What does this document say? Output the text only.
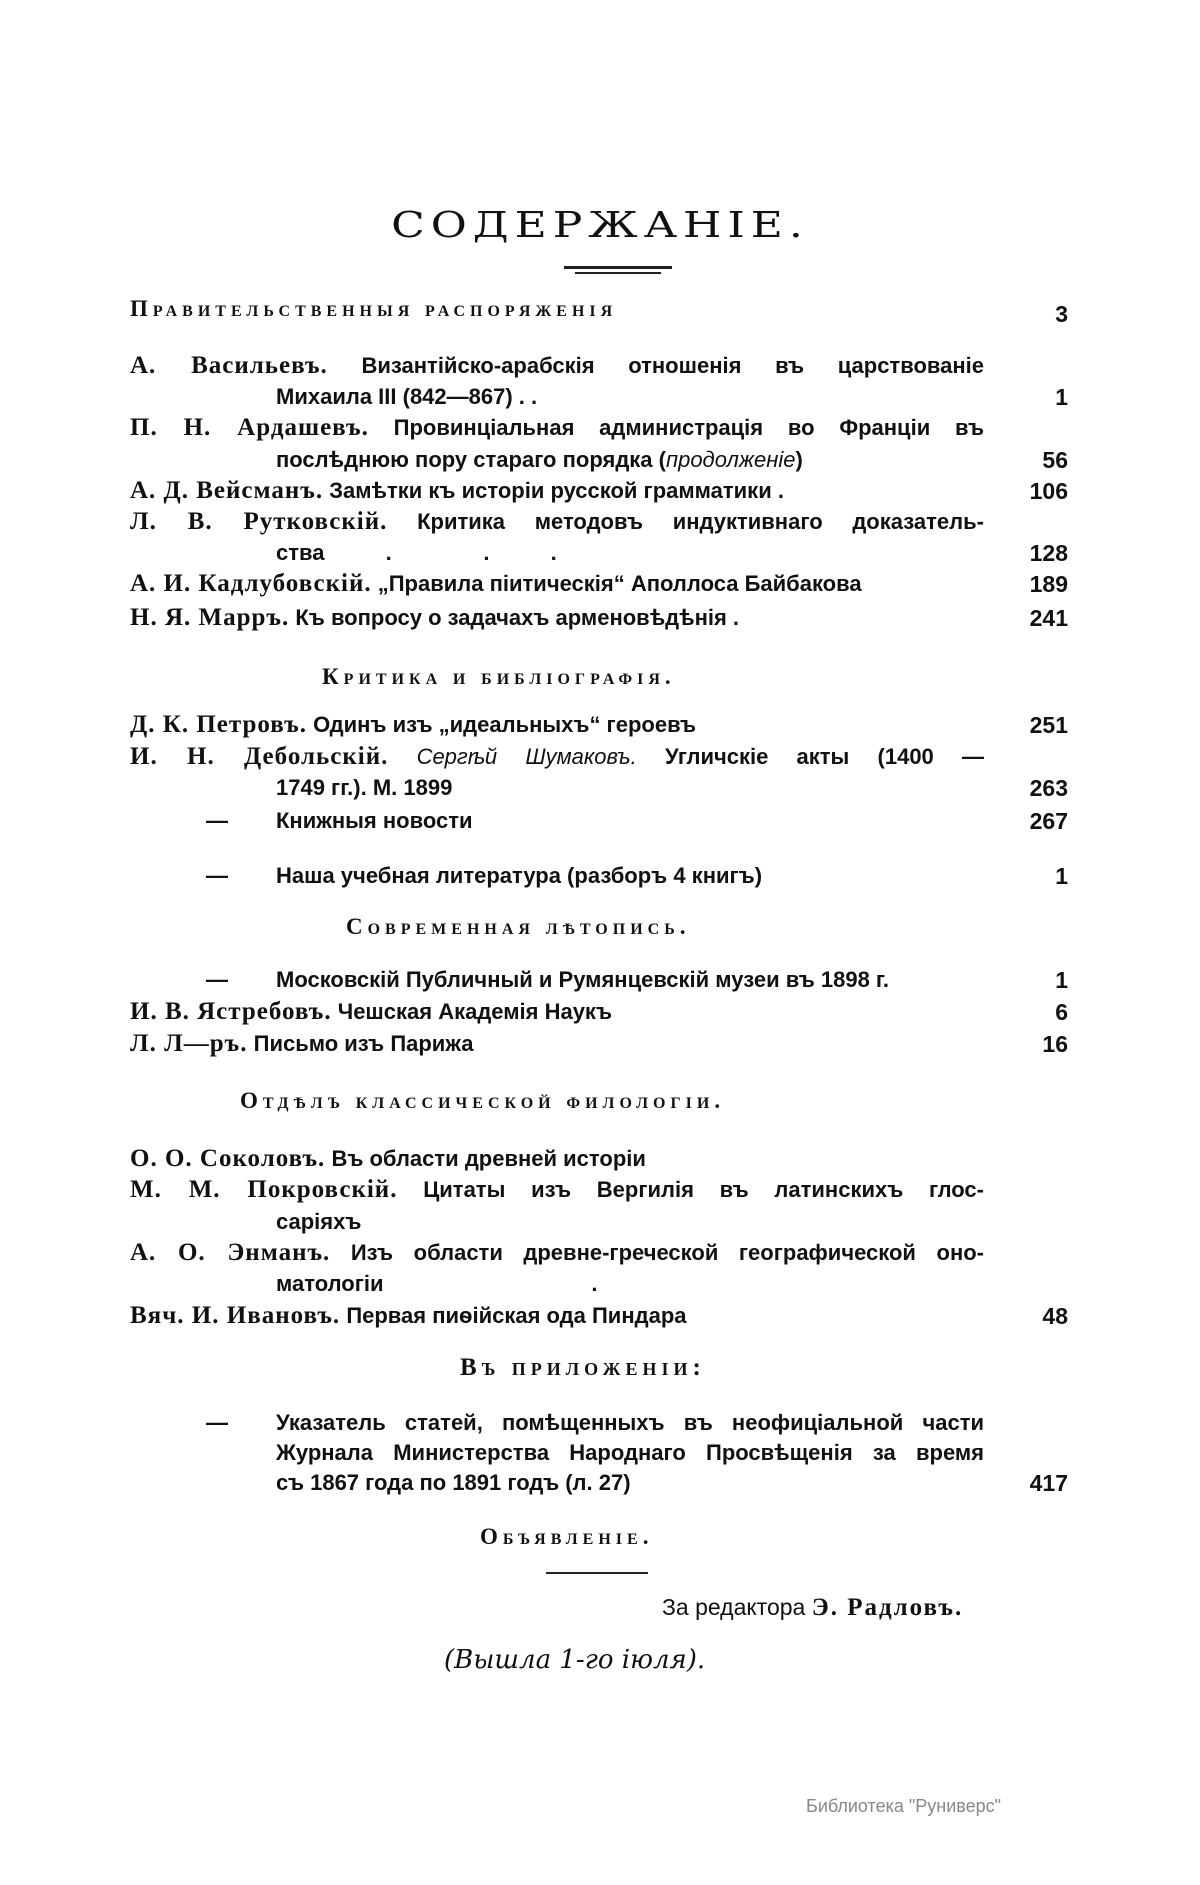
СОДЕРЖАНІЕ.
Правительственныя распоряженія	3
А. Васильевъ. Византійско-арабскія отношенія въ царствованіе
Михаила III (842—867) . .	1
П. Н. Ардашевъ. Провинціальная администрація во Франціи въ
послѣднюю пору стараго порядка (продолженіе)	56
А. Д. Вейсманъ. Замѣтки къ исторіи русской грамматики .	106
Л. В. Рутковскій. Критика методовъ индуктивнаго доказатель-
ства          .               .          .	128
А. И. Кадлубовскій. „Правила піитическія“ Аполлоса Байбакова	189
Н. Я. Марръ. Къ вопросу о задачахъ арменовѣдѣнія .	241
Критика и библіографія.
Д. К. Петровъ. Одинъ изъ „идеальныхъ“ героевъ	251
И. Н. Дебольскій. Сергѣй Шумаковъ. Угличскіе акты (1400 —
1749 гг.). М. 1899	263
— Книжныя новости	267
— Наша учебная литература (разборъ 4 книгъ)	1
Современная лѣтопись.
— Московскій Публичный и Румянцевскій музеи въ 1898 г.	1
И. В. Ястребовъ. Чешская Академія Наукъ	6
Л. Л—ръ. Письмо изъ Парижа	16
Отдѣлъ классической филологіи.
О. О. Соколовъ. Въ области древней исторіи
М. М. Покровскій. Цитаты изъ Вергилія въ латинскихъ глос-
саріяхъ
А. О. Энманъ. Изъ области древне-греческой географической оно-
матологіи                                  .
Вяч. И. Ивановъ. Первая пиѳійская ода Пиндара	48
Въ приложеніи:
— Указатель статей, помѣщенныхъ въ неофиціальной части
Журнала Министерства Народнаго Просвѣщенія за время
съ 1867 года по 1891 годъ (л. 27)	417
Объявленіе.
За редактора Э. Радловъ.
(Вышла 1-го іюля).
Библиотека "Руниверс"
